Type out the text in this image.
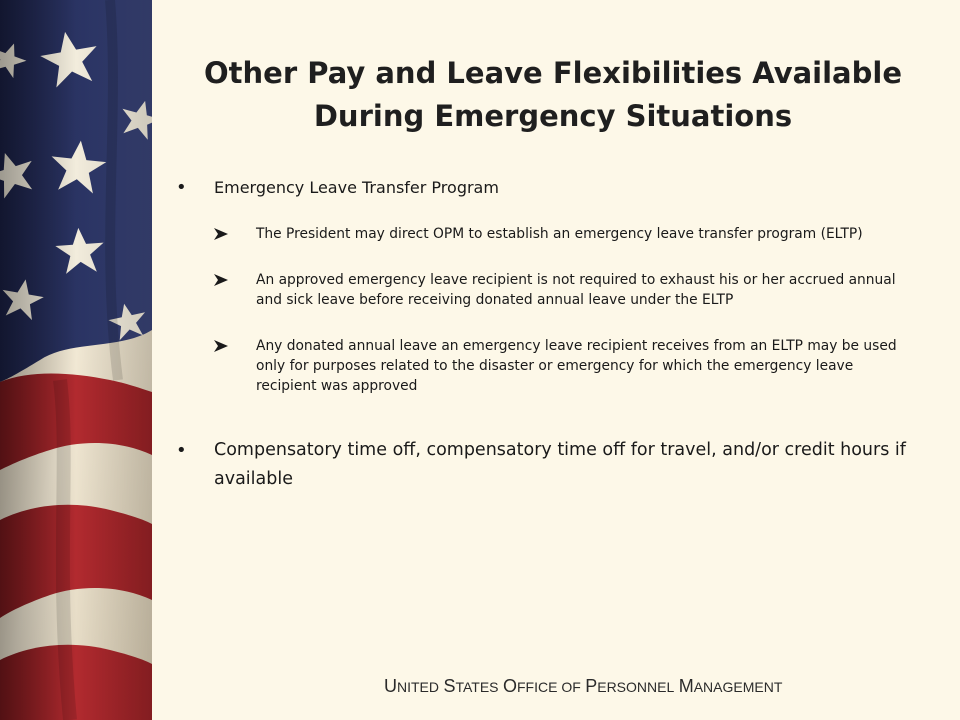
Other Pay and Leave Flexibilities Available
During Emergency Situations
• Emergency Leave Transfer Program
The President may direct OPM to establish an emergency leave transfer program (ELTP)
An approved emergency leave recipient is not required to exhaust his or her accrued annual and sick leave before receiving donated annual leave under the ELTP
Any donated annual leave an emergency leave recipient receives from an ELTP may be used only for purposes related to the disaster or emergency for which the emergency leave recipient was approved
• Compensatory time off, compensatory time off for travel, and/or credit hours if available
UNITED STATES OFFICE OF PERSONNEL MANAGEMENT
